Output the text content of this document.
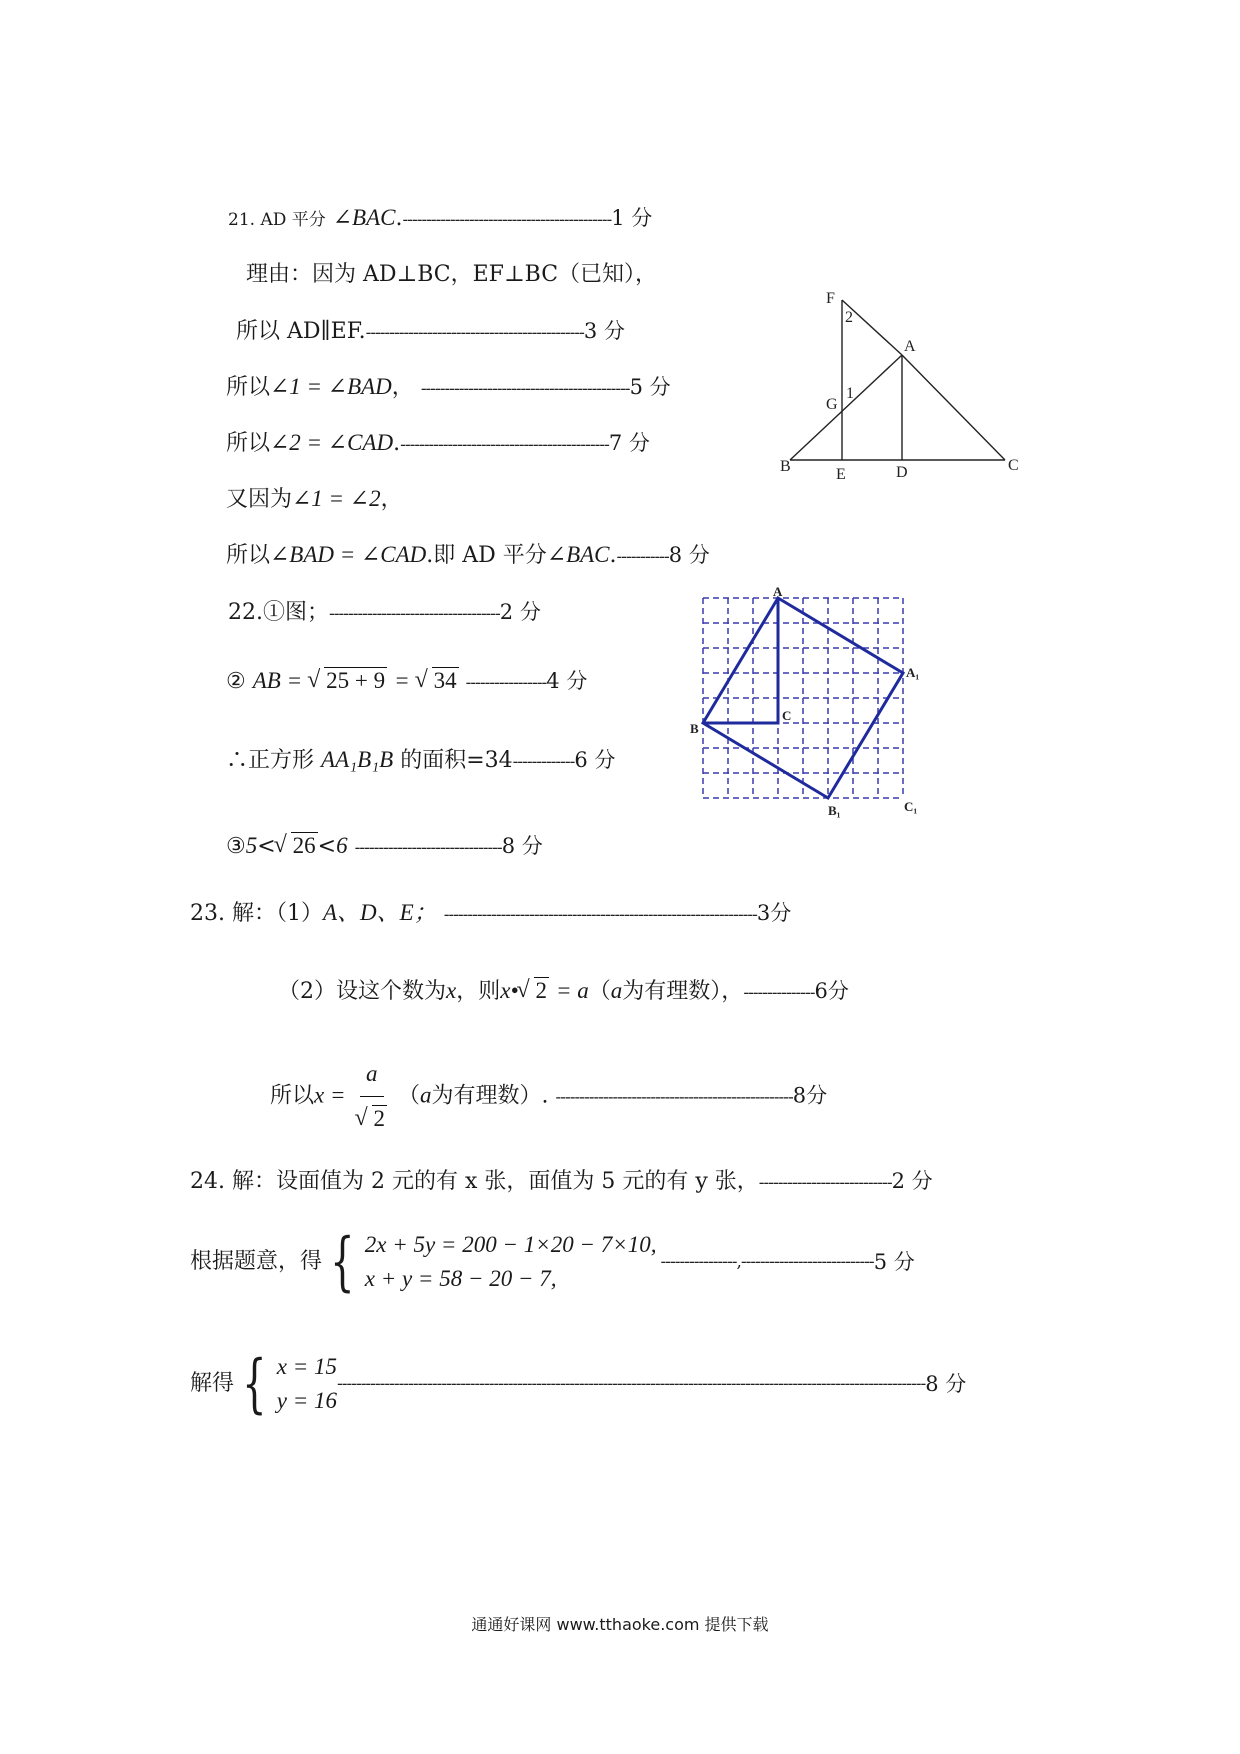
21. AD 平分 ∠BAC.--------------------------------------------1 分
理由：因为 AD⊥BC，EF⊥BC（已知），
所以 AD∥EF.----------------------------------------------3 分
所以∠1 = ∠BAD， --------------------------------------------5 分
所以∠2 = ∠CAD.--------------------------------------------7 分
又因为∠1 = ∠2，
所以∠BAD = ∠CAD.即 AD 平分∠BAC.-----------8 分
F
2
A
G
1
B	E	D	C
22.①图；------------------------------------2 分
② AB = √ 25 + 9 = √ 34 -----------------4 分
∴正方形 AA₁B₁B 的面积=34-------------6 分
③5< √ 26<6 -------------------------------8 分
A
A₁
B
C
B₁	C₁
23. 解：（1）A、D、E； ------------------------------------------------------------------3分
（2）设这个数为x，则x• √ 2 = a（a为有理数），---------------6分
所以x = a
√ 2 （a为有理数）. --------------------------------------------------8分
24. 解：设面值为 2 元的有 x 张，面值为 5 元的有 y 张，----------------------------2 分
根据题意，得 { 2x + 5y = 200 − 1×20 − 7×10,
x + y = 58 − 20 − 7,
----------------,---------------------------- 5 分
解得 { x = 15
y = 16
---------------------------------------------------------------------------------------------------------------------------- 8 分
通通好课网 www.tthaoke.com 提供下载
